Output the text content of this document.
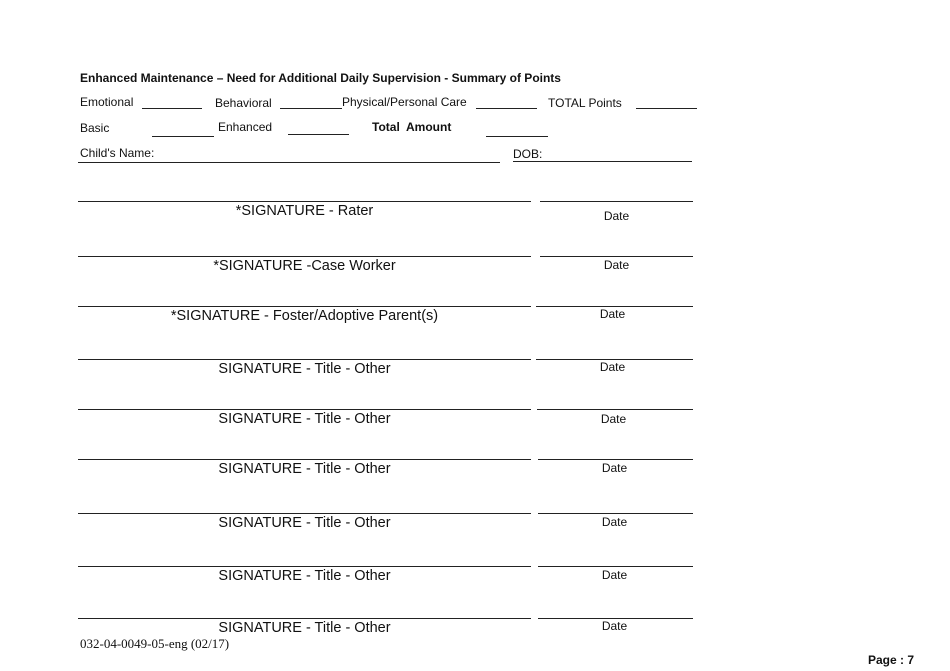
Enhanced Maintenance – Need for Additional Daily Supervision - Summary of Points
Emotional	Behavioral	Physical/Personal Care	TOTAL Points
Basic	Enhanced	Total  Amount
Child's Name:	DOB:
*SIGNATURE - Rater	Date
*SIGNATURE -Case Worker	Date
*SIGNATURE - Foster/Adoptive Parent(s)	Date
SIGNATURE - Title - Other	Date
SIGNATURE - Title - Other	Date
SIGNATURE - Title - Other	Date
SIGNATURE - Title - Other	Date
SIGNATURE - Title - Other	Date
SIGNATURE - Title - Other	Date
032-04-0049-05-eng (02/17)
Page : 7
